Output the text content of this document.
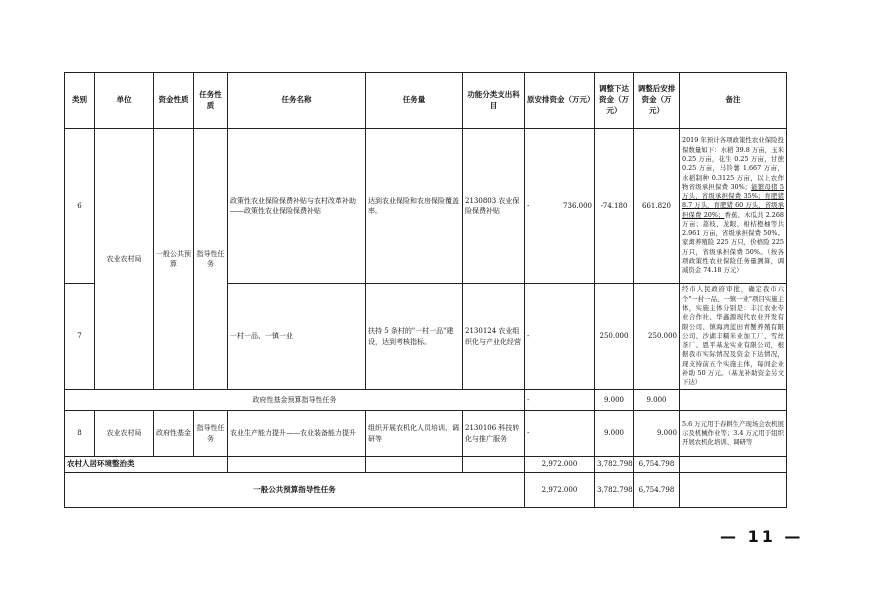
类别	单位	资金性质	任务性质	任务名称	任务量	功能分类支出科目	原安排资金（万元）	调整下达资金（万元）	调整后安排资金（万元）	备注
6	农业农村局	一般公共预算	指导性任务	政策性农业保险保费补贴与农村改革补助——政策性农业保险保费补贴	达到农业保险和农房保险覆盖率。	2130803 农业保险保费补贴	- 736.000	-74.180	661.820	2019 年预计各项政策性农业保险投保数量如下：水稻 39.8 万亩，玉米 0.25 万亩，花生 0.25 万亩，甘蔗 0.25 万亩，马铃薯 1.667 万亩，水稻制种 0.3125 万亩，以上农作物省级承担保费 30%；能繁母猪 5 万头，省级承担保费 35%；育肥猪 8.7 万头，育肥猪 60 万头，省级承担保费 20%；香蕉、木瓜共 2.268 万亩；荔枝、龙眼、柑桔橙柚等共 2.961 万亩，省级承担保费 50%。家禽养殖险 225 万只，价格险 225 万只，省级承担保费 50%。（按各项政策性农业保险任务量测算，调减资金 74.18 万元）
7				一村一品、一镇一业	扶持 5 条村的"一村一品"建设，达到考核指标。	2130124 农业组织化与产业化经营	-	250.000	250.000	经市人民政府审批，确定我市六个"一村一品、一镇一业"项目实施主体，实施主体分别是：丰江农业专业合作社、华鑫源现代农业开发有限公司、镇海湾蓝田青蟹养殖有限公司、沙湖丰糯米业加工厂、雪丝茶厂、恩平基龙实业有限公司，根据我市实际情况及资金下达情况，现支持前五个实施主体，每间企业补助 50 万元。（基龙补助资金另文下达）
政府性基金预算指导性任务							-	9.000	9.000	
8	农业农村局	政府性基金	指导性任务	农业生产能力提升——农业装备能力提升	组织开展农机化人员培训、调研等	2130106 科技转化与推广服务	-	9.000	9.000	5.6 万元用于春耕生产现场会农机展示及机械作业等；3.4 万元用于组织开展农机化培训、调研等
农村人居环境整治类							2,972.000	3,782.798	6,754.798	
一般公共预算指导性任务							2,972.000	3,782.798	6,754.798	
— 11 —
